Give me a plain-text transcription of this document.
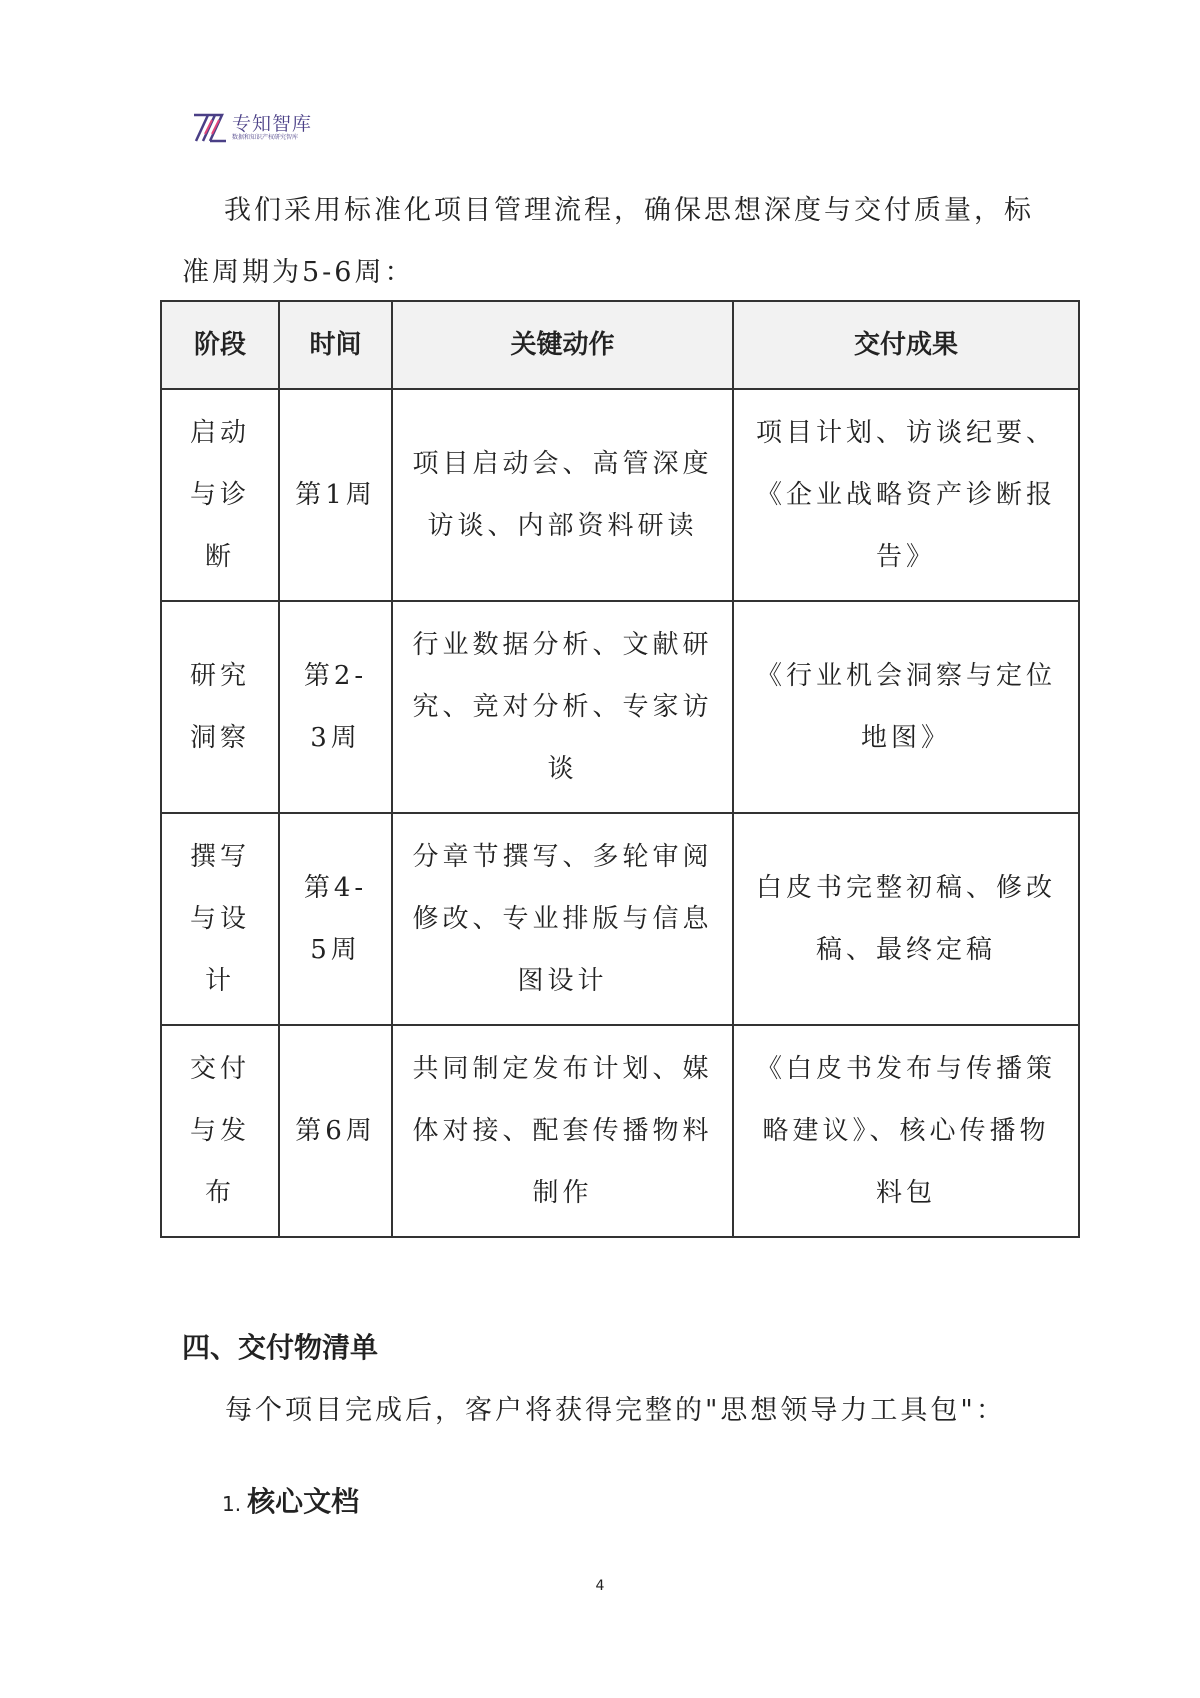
专知智库
数据和知识产权研究智库
我们采用标准化项目管理流程，确保思想深度与交付质量，标准周期为5-6周：
阶段	时间	关键动作	交付成果
启动与诊断	第1周	项目启动会、高管深度访谈、内部资料研读	项目计划、访谈纪要、《企业战略资产诊断报告》
研究洞察	第2-3周	行业数据分析、文献研究、竞对分析、专家访谈	《行业机会洞察与定位地图》
撰写与设计	第4-5周	分章节撰写、多轮审阅修改、专业排版与信息图设计	白皮书完整初稿、修改稿、最终定稿
交付与发布	第6周	共同制定发布计划、媒体对接、配套传播物料制作	《白皮书发布与传播策略建议》、核心传播物料包
四、交付物清单
每个项目完成后，客户将获得完整的"思想领导力工具包"：
1. 核心文档
4
